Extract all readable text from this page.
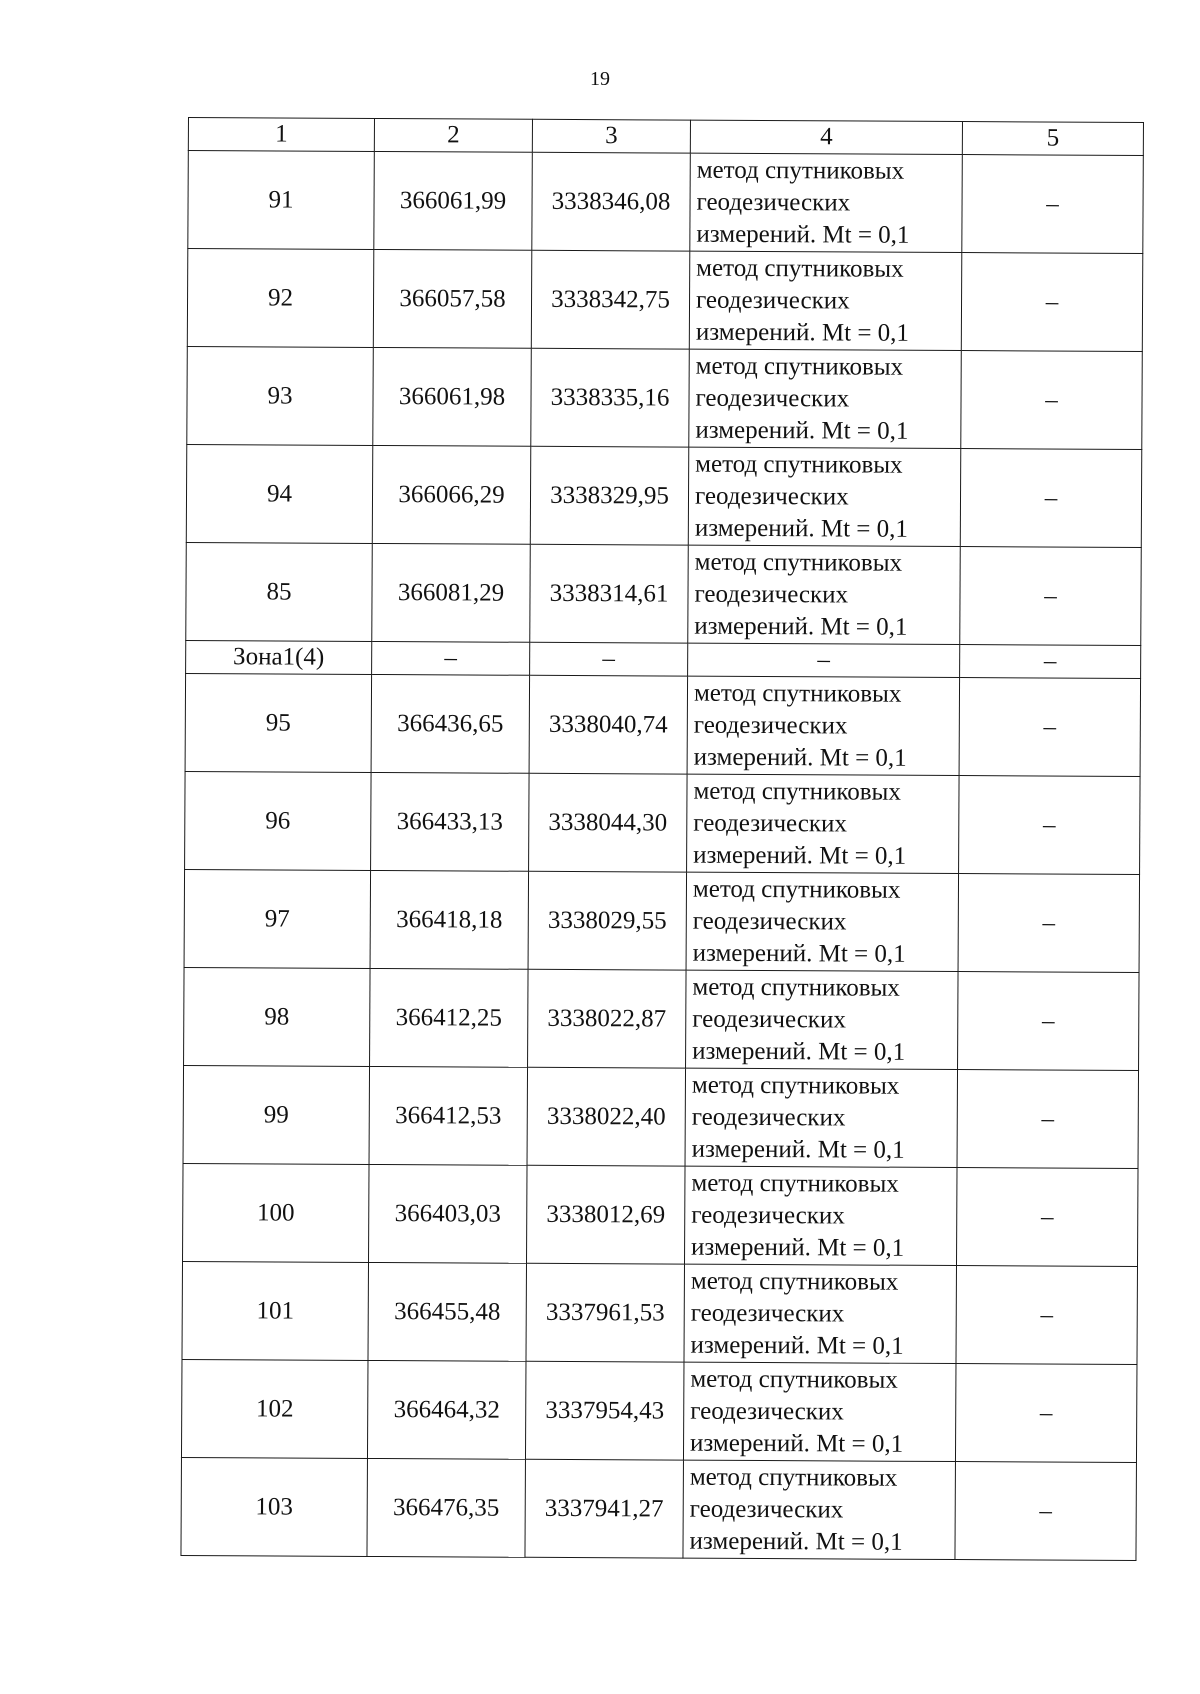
19
1	2	3	4	5
91	366061,99	3338346,08	метод спутниковых
геодезических
измерений. Mt = 0,1	–
92	366057,58	3338342,75	метод спутниковых
геодезических
измерений. Mt = 0,1	–
93	366061,98	3338335,16	метод спутниковых
геодезических
измерений. Mt = 0,1	–
94	366066,29	3338329,95	метод спутниковых
геодезических
измерений. Mt = 0,1	–
85	366081,29	3338314,61	метод спутниковых
геодезических
измерений. Mt = 0,1	–
Зона1(4)	–	–	–	–
95	366436,65	3338040,74	метод спутниковых
геодезических
измерений. Mt = 0,1	–
96	366433,13	3338044,30	метод спутниковых
геодезических
измерений. Mt = 0,1	–
97	366418,18	3338029,55	метод спутниковых
геодезических
измерений. Mt = 0,1	–
98	366412,25	3338022,87	метод спутниковых
геодезических
измерений. Mt = 0,1	–
99	366412,53	3338022,40	метод спутниковых
геодезических
измерений. Mt = 0,1	–
100	366403,03	3338012,69	метод спутниковых
геодезических
измерений. Mt = 0,1	–
101	366455,48	3337961,53	метод спутниковых
геодезических
измерений. Mt = 0,1	–
102	366464,32	3337954,43	метод спутниковых
геодезических
измерений. Mt = 0,1	–
103	366476,35	3337941,27	метод спутниковых
геодезических
измерений. Mt = 0,1	–
